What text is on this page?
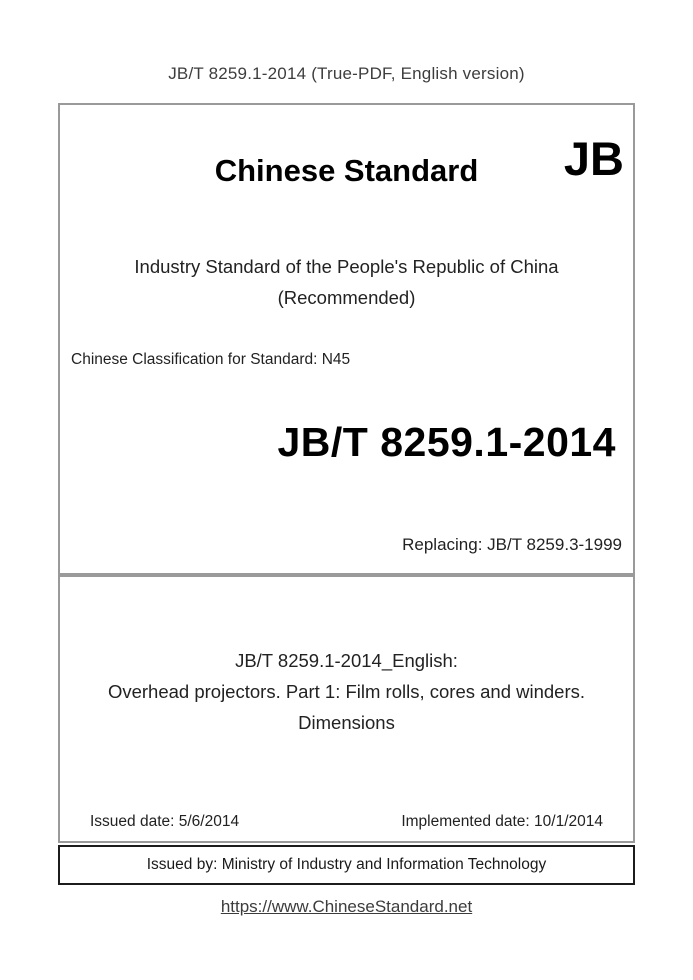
JB/T 8259.1-2014 (True-PDF, English version)
Chinese Standard	JB
Industry Standard of the People's Republic of China
(Recommended)
Chinese Classification for Standard: N45
JB/T 8259.1-2014
Replacing: JB/T 8259.3-1999
JB/T 8259.1-2014_English:
Overhead projectors. Part 1: Film rolls, cores and winders.
Dimensions
Issued date: 5/6/2014	Implemented date: 10/1/2014
Issued by: Ministry of Industry and Information Technology
https://www.ChineseStandard.net
